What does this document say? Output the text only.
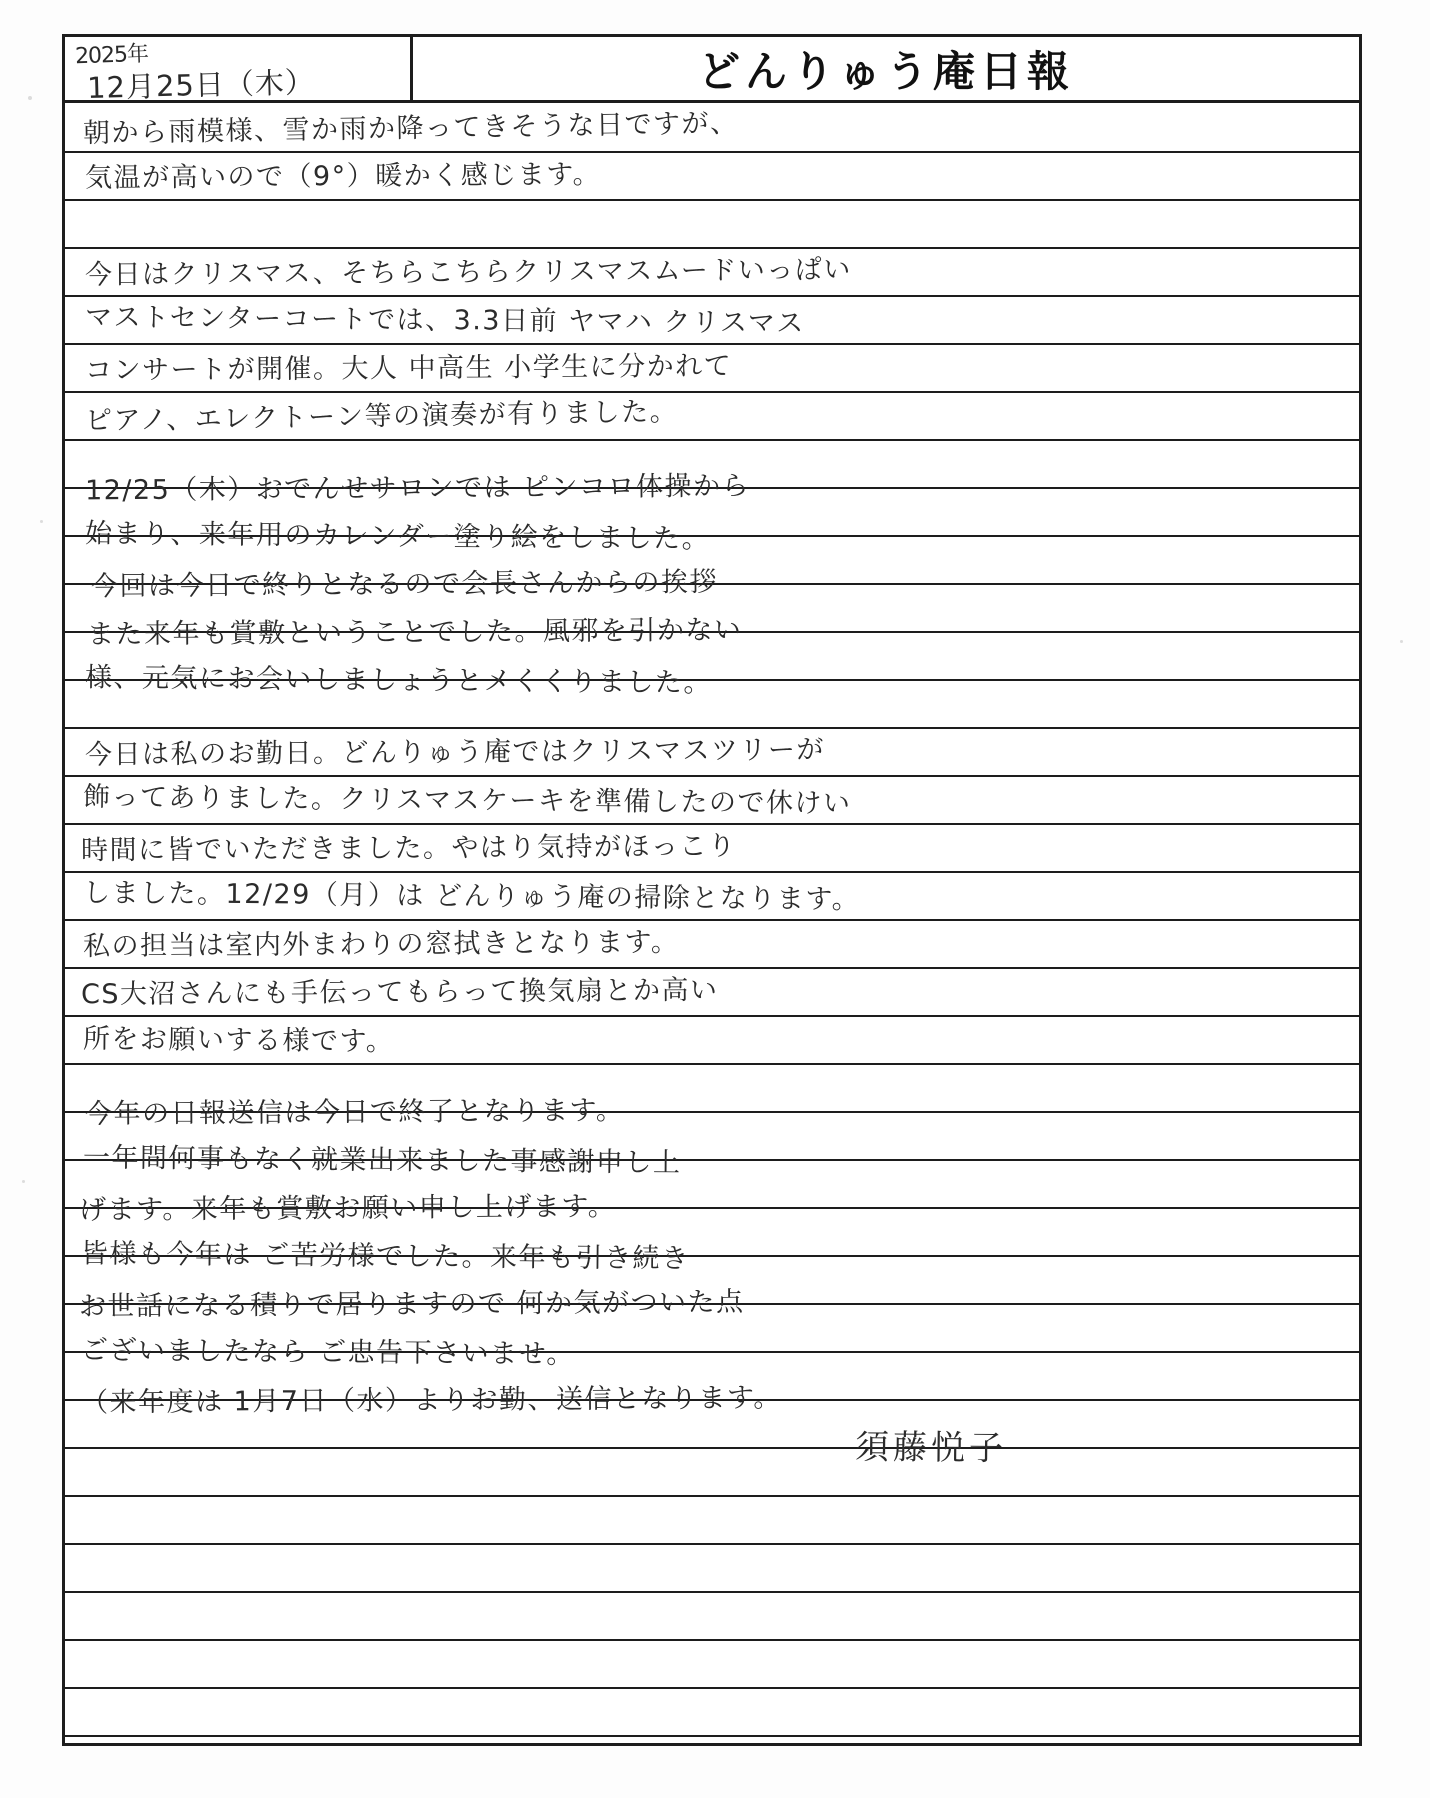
2025年
12月25日（木）	どんりゅう庵日報
朝から雨模様、雪か雨か降ってきそうな日ですが、
気温が高いので（9°）暖かく感じます。
今日はクリスマス、そちらこちらクリスマスムードいっぱい
マストセンターコートでは、3.3日前 ヤマハ クリスマス
コンサートが開催。大人 中高生 小学生に分かれて
ピアノ、エレクトーン等の演奏が有りました。
12/25（木）おでんせサロンでは ピンコロ体操から
始まり、来年用のカレンダー塗り絵をしました。
今回は今日で終りとなるので会長さんからの挨拶
また来年も賞敷ということでした。風邪を引かない
様、元気にお会いしましょうとメくくりました。
今日は私のお勤日。どんりゅう庵ではクリスマスツリーが
飾ってありました。クリスマスケーキを準備したので休けい
時間に皆でいただきました。やはり気持がほっこり
しました。12/29（月）は どんりゅう庵の掃除となります。
私の担当は室内外まわりの窓拭きとなります。
CS大沼さんにも手伝ってもらって換気扇とか高い
所をお願いする様です。
今年の日報送信は今日で終了となります。
一年間何事もなく就業出来ました事感謝申し上
げます。来年も賞敷お願い申し上げます。
皆様も今年は ご苦労様でした。来年も引き続き
お世話になる積りで居りますので 何か気がついた点
ございましたなら ご忠告下さいませ。
（来年度は 1月7日（水）よりお勤、送信となります。
須藤悦子
